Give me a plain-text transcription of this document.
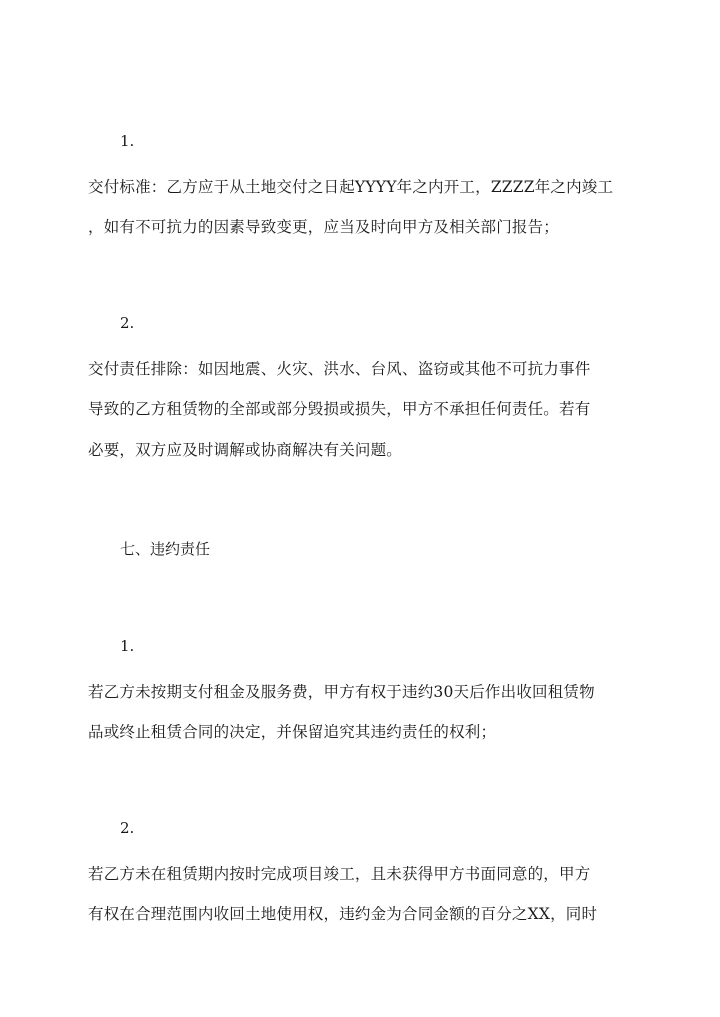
1.
交付标准：乙方应于从土地交付之日起YYYY年之内开工，ZZZZ年之内竣工
，如有不可抗力的因素导致变更，应当及时向甲方及相关部门报告；
2.
交付责任排除：如因地震、火灾、洪水、台风、盗窃或其他不可抗力事件
导致的乙方租赁物的全部或部分毁损或损失，甲方不承担任何责任。若有
必要，双方应及时调解或协商解决有关问题。
七、违约责任
1.
若乙方未按期支付租金及服务费，甲方有权于违约30天后作出收回租赁物
品或终止租赁合同的决定，并保留追究其违约责任的权利；
2.
若乙方未在租赁期内按时完成项目竣工，且未获得甲方书面同意的，甲方
有权在合理范围内收回土地使用权，违约金为合同金额的百分之XX，同时
